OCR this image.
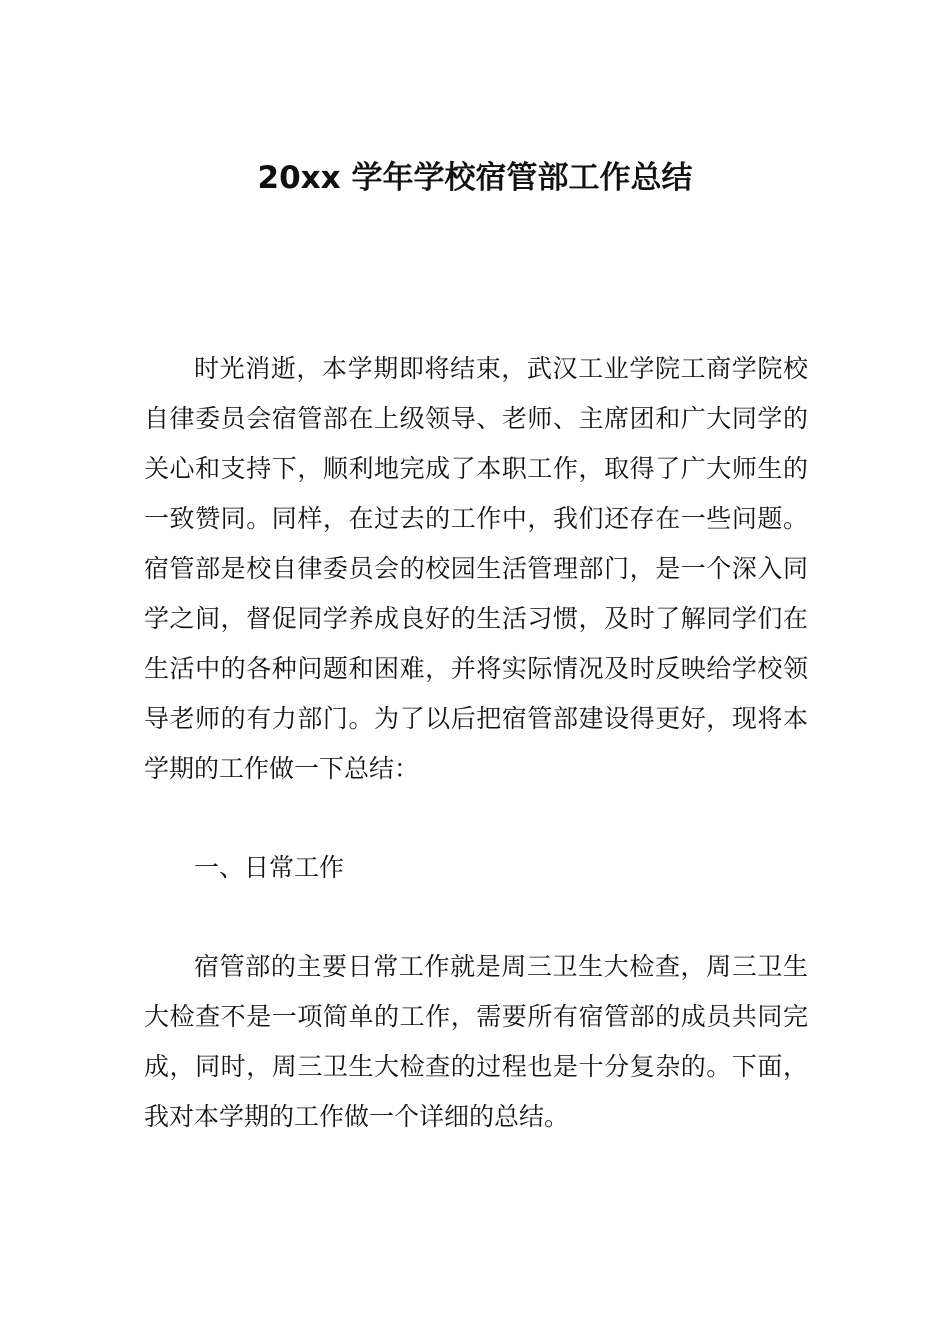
20xx 学年学校宿管部工作总结

时光消逝，本学期即将结束，武汉工业学院工商学院校自律委员会宿管部在上级领导、老师、主席团和广大同学的关心和支持下，顺利地完成了本职工作，取得了广大师生的一致赞同。同样，在过去的工作中，我们还存在一些问题。宿管部是校自律委员会的校园生活管理部门，是一个深入同学之间，督促同学养成良好的生活习惯，及时了解同学们在生活中的各种问题和困难，并将实际情况及时反映给学校领导老师的有力部门。为了以后把宿管部建设得更好，现将本学期的工作做一下总结：

一、日常工作

宿管部的主要日常工作就是周三卫生大检查，周三卫生大检查不是一项简单的工作，需要所有宿管部的成员共同完成，同时，周三卫生大检查的过程也是十分复杂的。下面，我对本学期的工作做一个详细的总结。
